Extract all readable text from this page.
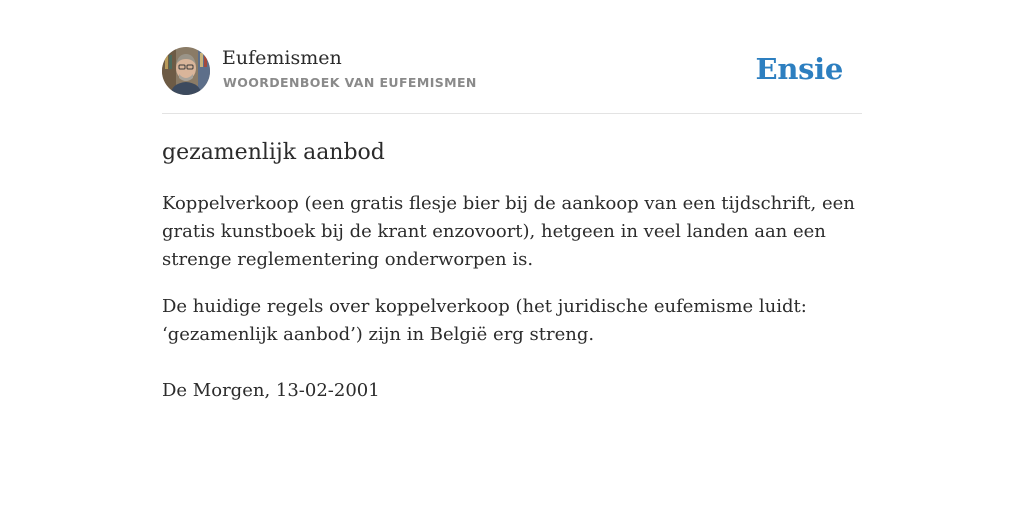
Eufemismen
WOORDENBOEK VAN EUFEMISMEN	Ensie
gezamenlijk aanbod

Koppelverkoop (een gratis flesje bier bij de aankoop van een tijdschrift, een gratis kunstboek bij de krant enzovoort), hetgeen in veel landen aan een strenge reglementering onderworpen is.

De huidige regels over koppelverkoop (het juridische eufemisme luidt: ‘gezamenlijk aanbod’) zijn in België erg streng.

De Morgen, 13-02-2001
